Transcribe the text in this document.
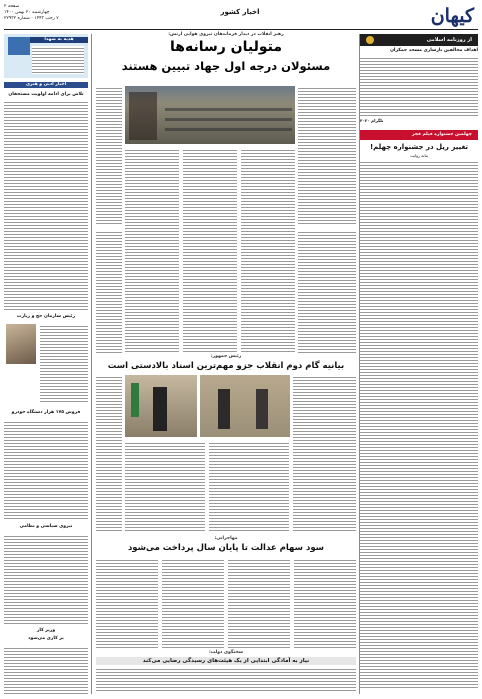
کیهان
اخبار کشور
صفحه ۲
چهارشنبه ۲۰ بهمن ۱۴۰۰
۷ رجب ۱۴۴۳ - شماره ۲۲۹۳۲
هدیه به شهدا
اخبار ادبی و هنری
تلاش برای ادامه اولویت مستحقان
رئیس سازمان حج و زیارت
فروش ۱۷۵ هزار دستگاه خودرو
نیروی سیاسی و نظامی
وزیر کار
بر کاری می‌شود
از روزنامه اسلامی
اهداف مخالفین بازسازی مسجد جمکران
تلگرام ۲۰۲۰
چهلمین جشنواره فیلم فجر
تغییر ریل در جشنواره چهلم!
بنابه روایت
رهبر انقلاب در دیدار فرماندهان نیروی هوایی ارتش:
متولیان رسانه‌ها
مسئولان درجه اول جهاد تبیین هستند
رئیس جمهور:
بیانیه گام دوم انقلاب جزو مهم‌ترین اسناد بالادستی است
مهاجرانی:
سود سهام عدالت تا پایان سال پرداخت می‌شود
سخنگوی دولت:
نیاز به آمادگی ابتدایی از یک هیئت‌های رسیدگی رضایی می‌کند
